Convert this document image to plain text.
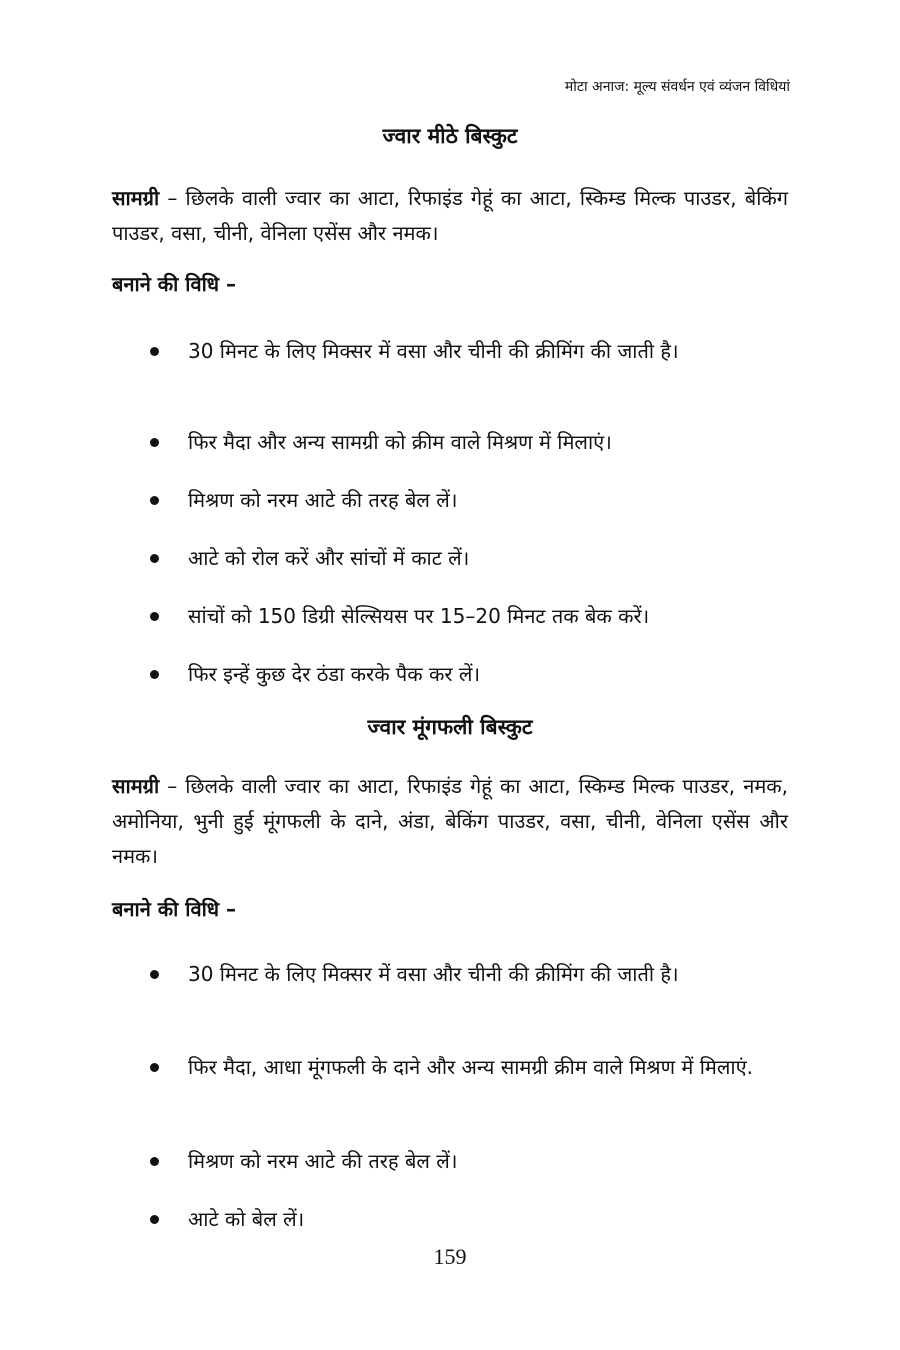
मोटा अनाज: मूल्य संवर्धन एवं व्यंजन विधियां
ज्वार मीठे बिस्कुट
सामग्री – छिलके वाली ज्वार का आटा, रिफाइंड गेहूं का आटा, स्किम्ड मिल्क पाउडर, बेकिंग पाउडर, वसा, चीनी, वेनिला एसेंस और नमक।
बनाने की विधि –
30 मिनट के लिए मिक्सर में वसा और चीनी की क्रीमिंग की जाती है।
फिर मैदा और अन्य सामग्री को क्रीम वाले मिश्रण में मिलाएं।
मिश्रण को नरम आटे की तरह बेल लें।
आटे को रोल करें और सांचों में काट लें।
सांचों को 150 डिग्री सेल्सियस पर 15–20 मिनट तक बेक करें।
फिर इन्हें कुछ देर ठंडा करके पैक कर लें।
ज्वार मूंगफली बिस्कुट
सामग्री – छिलके वाली ज्वार का आटा, रिफाइंड गेहूं का आटा, स्किम्ड मिल्क पाउडर, नमक, अमोनिया, भुनी हुई मूंगफली के दाने, अंडा, बेकिंग पाउडर, वसा, चीनी, वेनिला एसेंस और नमक।
बनाने की विधि –
30 मिनट के लिए मिक्सर में वसा और चीनी की क्रीमिंग की जाती है।
फिर मैदा, आधा मूंगफली के दाने और अन्य सामग्री क्रीम वाले मिश्रण में मिलाएं.
मिश्रण को नरम आटे की तरह बेल लें।
आटे को बेल लें।
159
